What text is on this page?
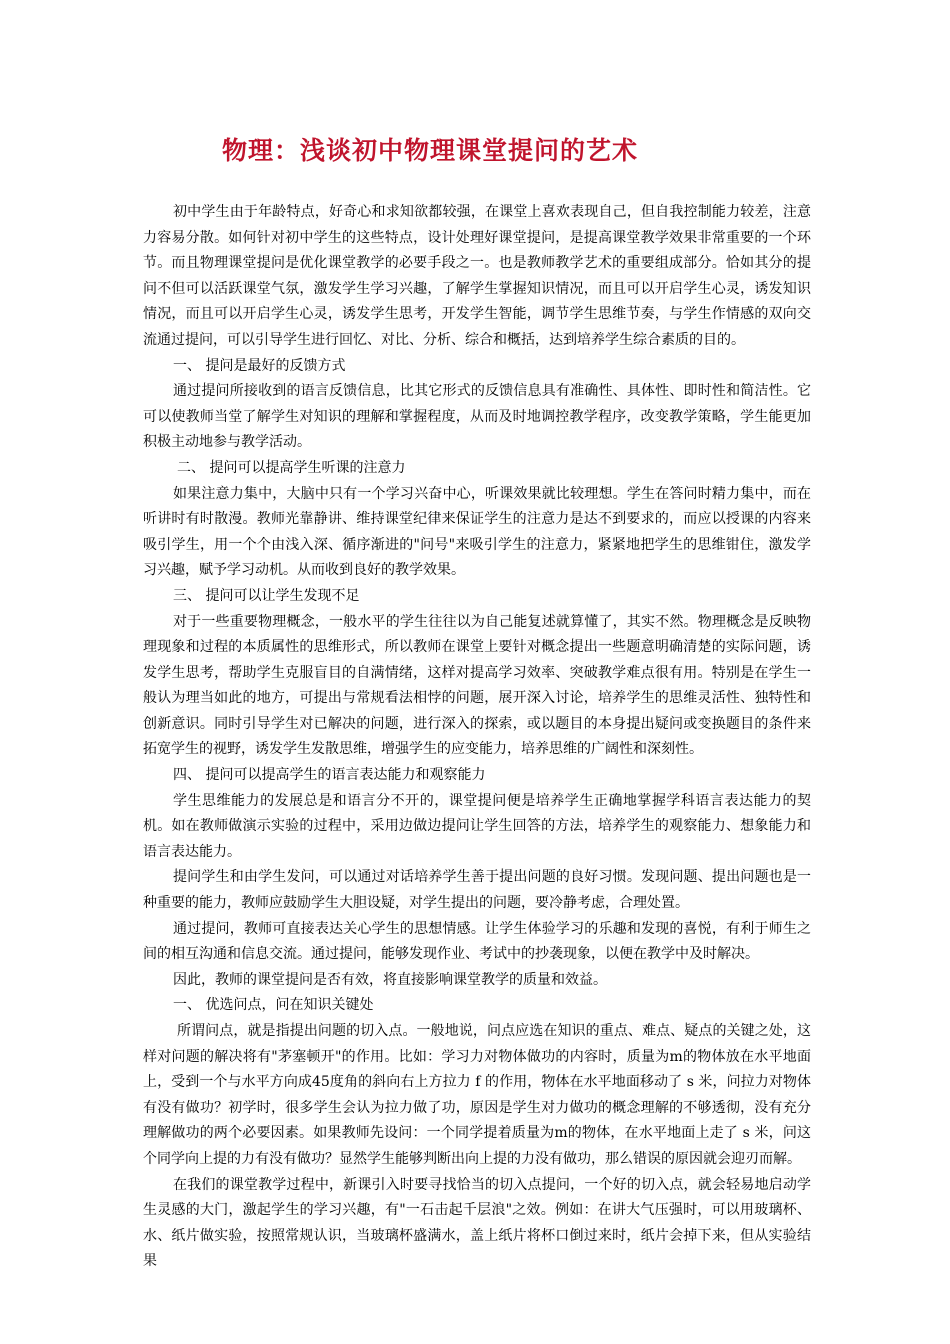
物理：浅谈初中物理课堂提问的艺术

初中学生由于年龄特点，好奇心和求知欲都较强，在课堂上喜欢表现自己，但自我控制能力较差，注意力容易分散。如何针对初中学生的这些特点，设计处理好课堂提问，是提高课堂教学效果非常重要的一个环节。而且物理课堂提问是优化课堂教学的必要手段之一。也是教师教学艺术的重要组成部分。恰如其分的提问不但可以活跃课堂气氛，激发学生学习兴趣，了解学生掌握知识情况，而且可以开启学生心灵，诱发知识情况，而且可以开启学生心灵，诱发学生思考，开发学生智能，调节学生思维节奏，与学生作情感的双向交流通过提问，可以引导学生进行回忆、对比、分析、综合和概括，达到培养学生综合素质的目的。

一、 提问是最好的反馈方式

通过提问所接收到的语言反馈信息，比其它形式的反馈信息具有准确性、具体性、即时性和简洁性。它可以使教师当堂了解学生对知识的理解和掌握程度，从而及时地调控教学程序，改变教学策略，学生能更加积极主动地参与教学活动。

二、 提问可以提高学生听课的注意力

如果注意力集中，大脑中只有一个学习兴奋中心，听课效果就比较理想。学生在答问时精力集中，而在听讲时有时散漫。教师光靠静讲、维持课堂纪律来保证学生的注意力是达不到要求的，而应以授课的内容来吸引学生，用一个个由浅入深、循序渐进的"问号"来吸引学生的注意力，紧紧地把学生的思维钳住，激发学习兴趣，赋予学习动机。从而收到良好的教学效果。

三、 提问可以让学生发现不足

对于一些重要物理概念，一般水平的学生往往以为自己能复述就算懂了，其实不然。物理概念是反映物理现象和过程的本质属性的思维形式，所以教师在课堂上要针对概念提出一些题意明确清楚的实际问题，诱发学生思考，帮助学生克服盲目的自满情绪，这样对提高学习效率、突破教学难点很有用。特别是在学生一般认为理当如此的地方，可提出与常规看法相悖的问题，展开深入讨论，培养学生的思维灵活性、独特性和创新意识。同时引导学生对已解决的问题，进行深入的探索，或以题目的本身提出疑问或变换题目的条件来拓宽学生的视野，诱发学生发散思维，增强学生的应变能力，培养思维的广阔性和深刻性。

四、 提问可以提高学生的语言表达能力和观察能力

学生思维能力的发展总是和语言分不开的，课堂提问便是培养学生正确地掌握学科语言表达能力的契机。如在教师做演示实验的过程中，采用边做边提问让学生回答的方法，培养学生的观察能力、想象能力和语言表达能力。

提问学生和由学生发问，可以通过对话培养学生善于提出问题的良好习惯。发现问题、提出问题也是一种重要的能力，教师应鼓励学生大胆设疑，对学生提出的问题，要冷静考虑，合理处置。

通过提问，教师可直接表达关心学生的思想情感。让学生体验学习的乐趣和发现的喜悦，有利于师生之间的相互沟通和信息交流。通过提问，能够发现作业、考试中的抄袭现象，以便在教学中及时解决。

因此，教师的课堂提问是否有效，将直接影响课堂教学的质量和效益。

一、 优选问点，问在知识关键处

所谓问点，就是指提出问题的切入点。一般地说，问点应选在知识的重点、难点、疑点的关键之处，这样对问题的解决将有"茅塞顿开"的作用。比如：学习力对物体做功的内容时，质量为m的物体放在水平地面上，受到一个与水平方向成45度角的斜向右上方拉力 f 的作用，物体在水平地面移动了 s 米，问拉力对物体有没有做功？初学时，很多学生会认为拉力做了功，原因是学生对力做功的概念理解的不够透彻，没有充分理解做功的两个必要因素。如果教师先设问：一个同学提着质量为m的物体，在水平地面上走了 s 米，问这个同学向上提的力有没有做功？显然学生能够判断出向上提的力没有做功，那么错误的原因就会迎刃而解。

在我们的课堂教学过程中，新课引入时要寻找恰当的切入点提问，一个好的切入点，就会轻易地启动学生灵感的大门，激起学生的学习兴趣，有"一石击起千层浪"之效。例如：在讲大气压强时，可以用玻璃杯、水、纸片做实验，按照常规认识，当玻璃杯盛满水，盖上纸片将杯口倒过来时，纸片会掉下来，但从实验结果
